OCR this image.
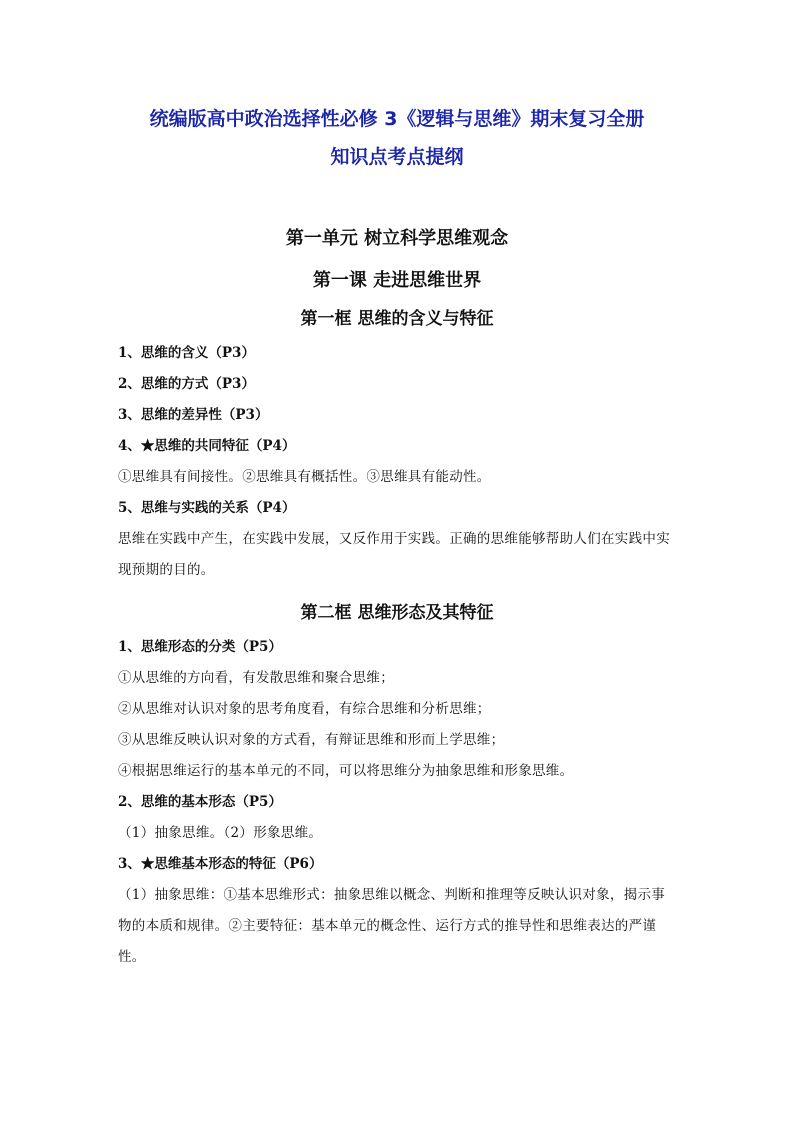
统编版高中政治选择性必修 3《逻辑与思维》期末复习全册
知识点考点提纲
第一单元 树立科学思维观念
第一课 走进思维世界
第一框 思维的含义与特征
1、思维的含义（P3）
2、思维的方式（P3）
3、思维的差异性（P3）
4、★思维的共同特征（P4）
①思维具有间接性。②思维具有概括性。③思维具有能动性。
5、思维与实践的关系（P4）
思维在实践中产生，在实践中发展，又反作用于实践。正确的思维能够帮助人们在实践中实现预期的目的。
第二框 思维形态及其特征
1、思维形态的分类（P5）
①从思维的方向看，有发散思维和聚合思维；
②从思维对认识对象的思考角度看，有综合思维和分析思维；
③从思维反映认识对象的方式看，有辩证思维和形而上学思维；
④根据思维运行的基本单元的不同，可以将思维分为抽象思维和形象思维。
2、思维的基本形态（P5）
（1）抽象思维。（2）形象思维。
3、★思维基本形态的特征（P6）
（1）抽象思维：①基本思维形式：抽象思维以概念、判断和推理等反映认识对象，揭示事物的本质和规律。②主要特征：基本单元的概念性、运行方式的推导性和思维表达的严谨性。
